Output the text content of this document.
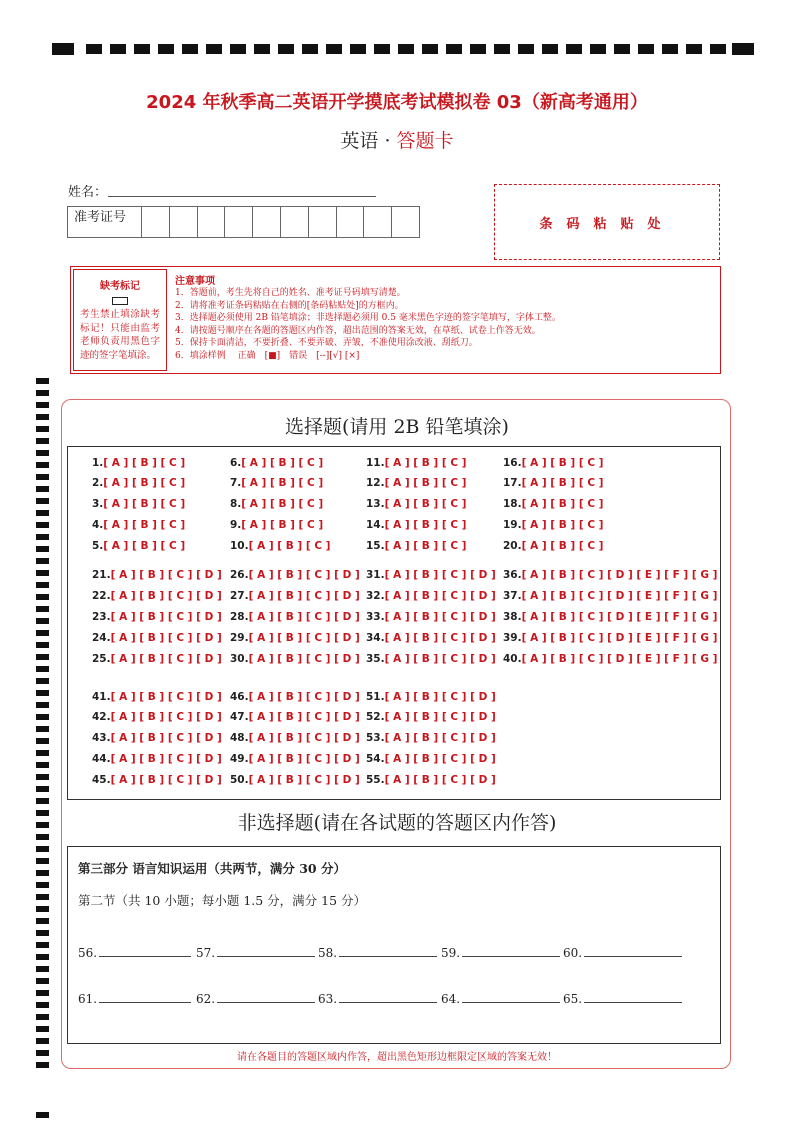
2024 年秋季高二英语开学摸底考试模拟卷 03（新高考通用）
英语 · 答题卡
姓名：
准考证号	条码粘贴处
缺考标记
考生禁止填涂缺考标记！只能由监考老师负责用黑色字迹的签字笔填涂。
注意事项
1．答题前，考生先将自己的姓名、准考证号码填写清楚。
2．请将准考证条码粘贴在右侧的[条码粘贴处]的方框内。
3．选择题必须使用 2B 铅笔填涂；非选择题必须用 0.5 毫米黑色字迹的签字笔填写，字体工整。
4．请按题号顺序在各题的答题区内作答，超出范围的答案无效，在草纸、试卷上作答无效。
5．保持卡面清洁，不要折叠、不要弄破、弄皱，不准使用涂改液、刮纸刀。
6．填涂样例　 正确　[■]　错误　[--][√] [×]
选择题(请用 2B 铅笔填涂)
非选择题(请在各试题的答题区内作答)
第三部分 语言知识运用（共两节，满分 30 分）
第二节（共 10 小题；每小题 1.5 分，满分 15 分）
请在各题目的答题区域内作答，超出黑色矩形边框限定区域的答案无效！
1.[ A ] [ B ] [ C ]
2.[ A ] [ B ] [ C ]
3.[ A ] [ B ] [ C ]
4.[ A ] [ B ] [ C ]
5.[ A ] [ B ] [ C ]
6.[ A ] [ B ] [ C ]
7.[ A ] [ B ] [ C ]
8.[ A ] [ B ] [ C ]
9.[ A ] [ B ] [ C ]
10.[ A ] [ B ] [ C ]
11.[ A ] [ B ] [ C ]
12.[ A ] [ B ] [ C ]
13.[ A ] [ B ] [ C ]
14.[ A ] [ B ] [ C ]
15.[ A ] [ B ] [ C ]
16.[ A ] [ B ] [ C ]
17.[ A ] [ B ] [ C ]
18.[ A ] [ B ] [ C ]
19.[ A ] [ B ] [ C ]
20.[ A ] [ B ] [ C ]
21.[ A ] [ B ] [ C ] [ D ]
22.[ A ] [ B ] [ C ] [ D ]
23.[ A ] [ B ] [ C ] [ D ]
24.[ A ] [ B ] [ C ] [ D ]
25.[ A ] [ B ] [ C ] [ D ]
26.[ A ] [ B ] [ C ] [ D ]
27.[ A ] [ B ] [ C ] [ D ]
28.[ A ] [ B ] [ C ] [ D ]
29.[ A ] [ B ] [ C ] [ D ]
30.[ A ] [ B ] [ C ] [ D ]
31.[ A ] [ B ] [ C ] [ D ]
32.[ A ] [ B ] [ C ] [ D ]
33.[ A ] [ B ] [ C ] [ D ]
34.[ A ] [ B ] [ C ] [ D ]
35.[ A ] [ B ] [ C ] [ D ]
36.[ A ] [ B ] [ C ] [ D ] [ E ] [ F ] [ G ]
37.[ A ] [ B ] [ C ] [ D ] [ E ] [ F ] [ G ]
38.[ A ] [ B ] [ C ] [ D ] [ E ] [ F ] [ G ]
39.[ A ] [ B ] [ C ] [ D ] [ E ] [ F ] [ G ]
40.[ A ] [ B ] [ C ] [ D ] [ E ] [ F ] [ G ]
41.[ A ] [ B ] [ C ] [ D ]
42.[ A ] [ B ] [ C ] [ D ]
43.[ A ] [ B ] [ C ] [ D ]
44.[ A ] [ B ] [ C ] [ D ]
45.[ A ] [ B ] [ C ] [ D ]
46.[ A ] [ B ] [ C ] [ D ]
47.[ A ] [ B ] [ C ] [ D ]
48.[ A ] [ B ] [ C ] [ D ]
49.[ A ] [ B ] [ C ] [ D ]
50.[ A ] [ B ] [ C ] [ D ]
51.[ A ] [ B ] [ C ] [ D ]
52.[ A ] [ B ] [ C ] [ D ]
53.[ A ] [ B ] [ C ] [ D ]
54.[ A ] [ B ] [ C ] [ D ]
55.[ A ] [ B ] [ C ] [ D ]
56.	57.	58.	59.	60.
61.	62.	63.	64.	65.
